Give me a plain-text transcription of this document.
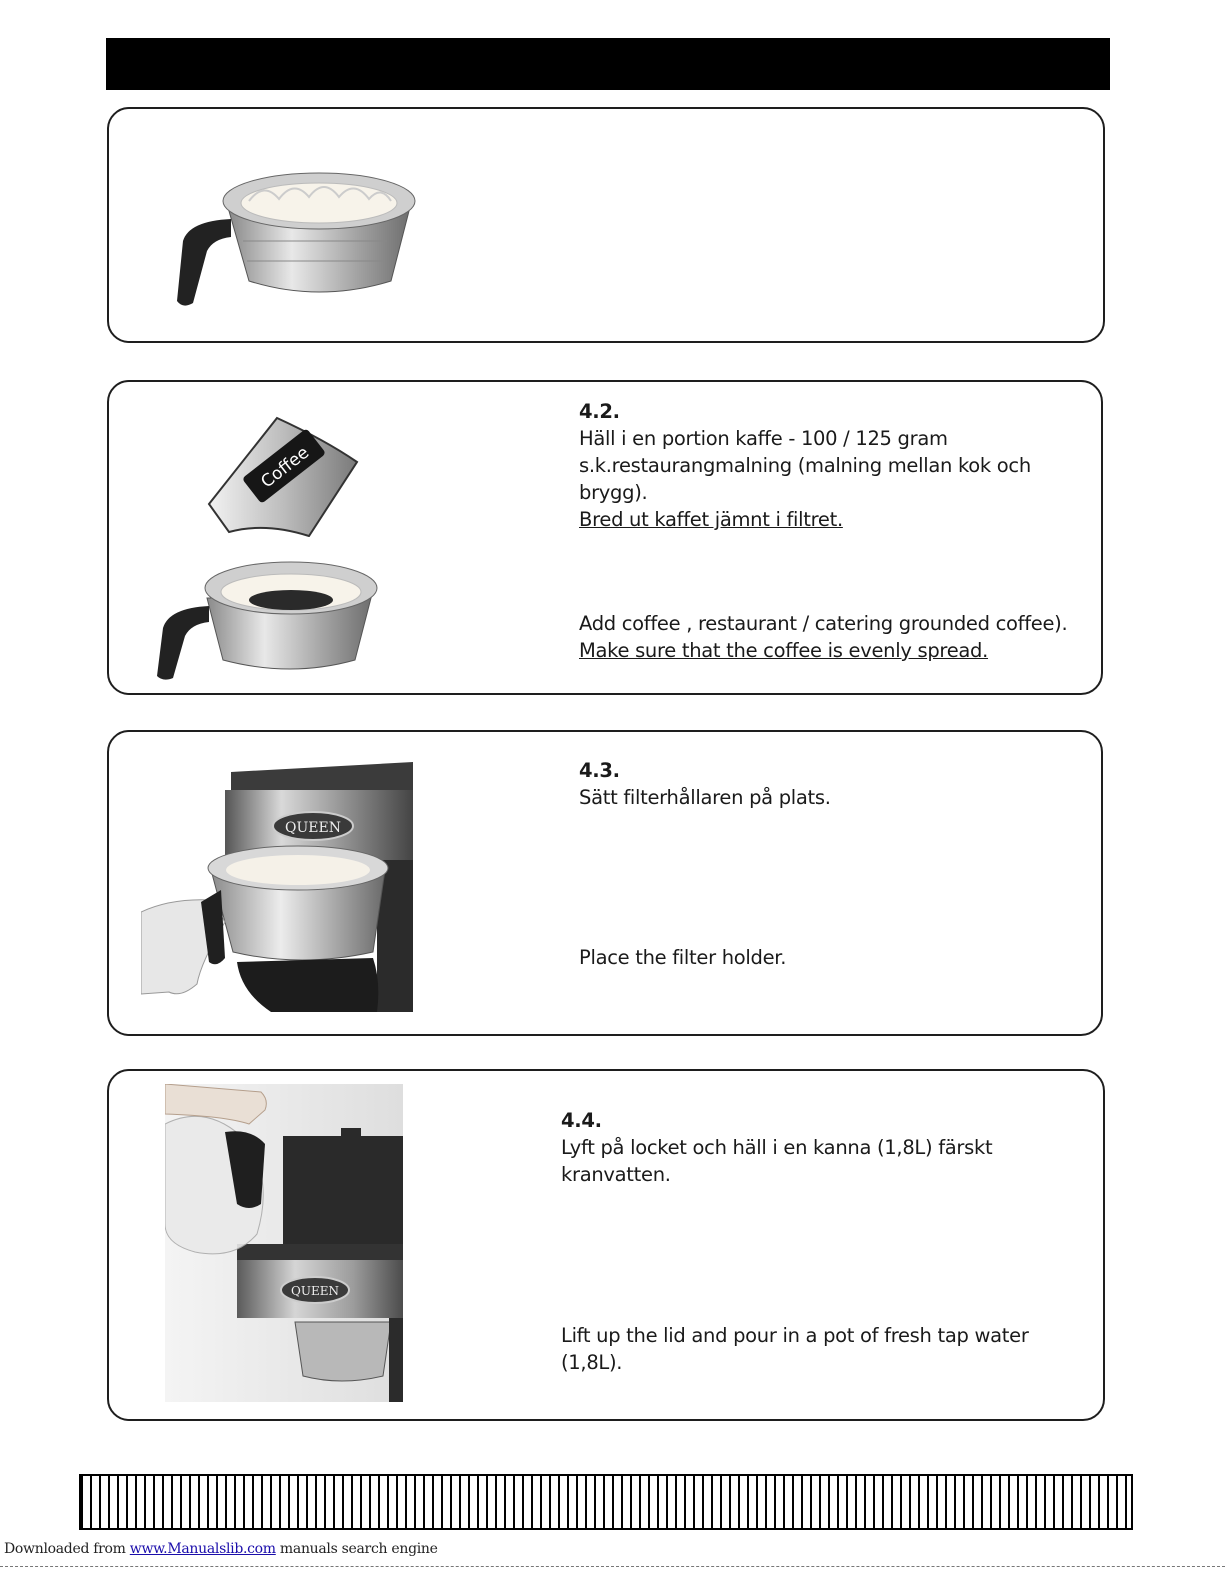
Coffee
4.2.
Häll i en portion kaffe - 100 / 125 gram
s.k.restaurangmalning (malning mellan kok och
brygg).
Bred ut kaffet jämnt i filtret.
Add coffee , restaurant / catering grounded coffee).
Make sure that the coffee is evenly spread.
QUEEN
4.3.
Sätt filterhållaren på plats.
Place the filter holder.
QUEEN
4.4.
Lyft på locket och häll i en kanna (1,8L) färskt
kranvatten.
Lift up the lid and pour in a pot of fresh tap water
(1,8L).
Downloaded from www.Manualslib.com manuals search engine
